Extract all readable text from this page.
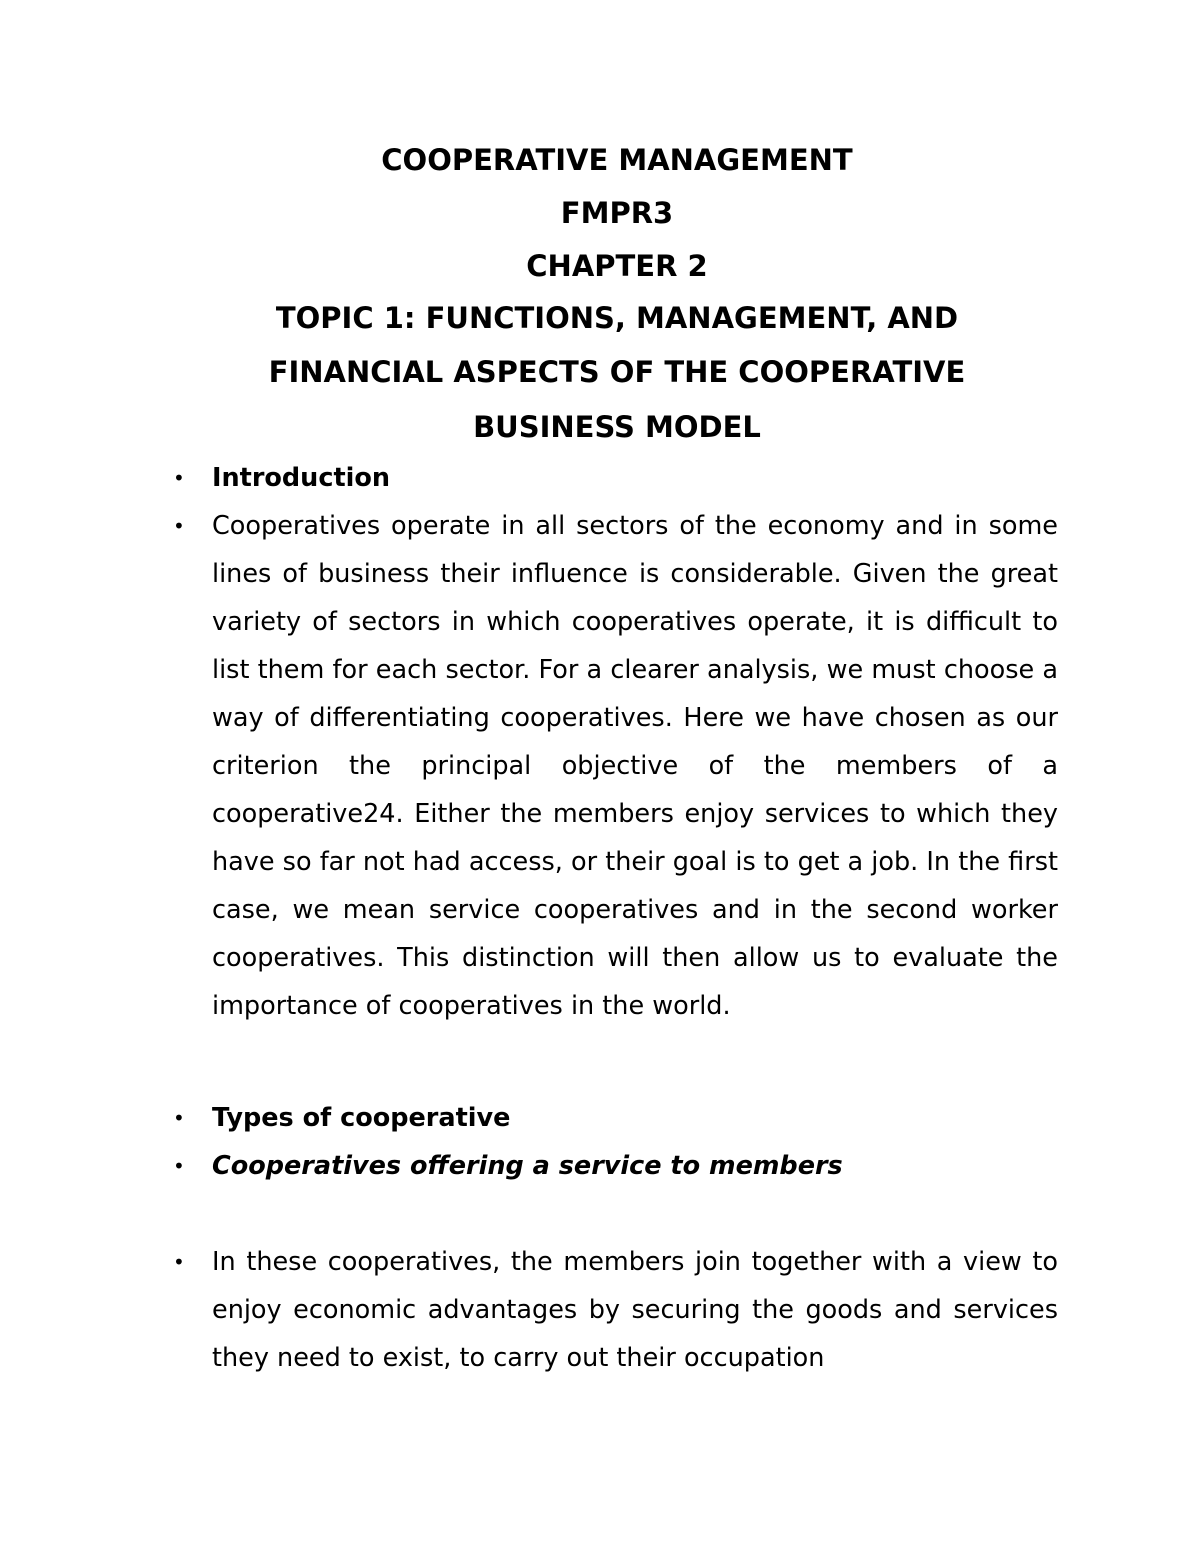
COOPERATIVE MANAGEMENT
FMPR3
CHAPTER 2
TOPIC 1: FUNCTIONS, MANAGEMENT, AND
FINANCIAL ASPECTS OF THE COOPERATIVE
BUSINESS MODEL
• Introduction
• Cooperatives operate in all sectors of the economy and in some lines of business their influence is considerable. Given the great variety of sectors in which cooperatives operate, it is difficult to list them for each sector. For a clearer analysis, we must choose a way of differentiating cooperatives. Here we have chosen as our criterion the principal objective of the members of a cooperative24. Either the members enjoy services to which they have so far not had access, or their goal is to get a job. In the first case, we mean service cooperatives and in the second worker cooperatives. This distinction will then allow us to evaluate the importance of cooperatives in the world.
• Types of cooperative
• Cooperatives offering a service to members
• In these cooperatives, the members join together with a view to enjoy economic advantages by securing the goods and services they need to exist, to carry out their occupation
